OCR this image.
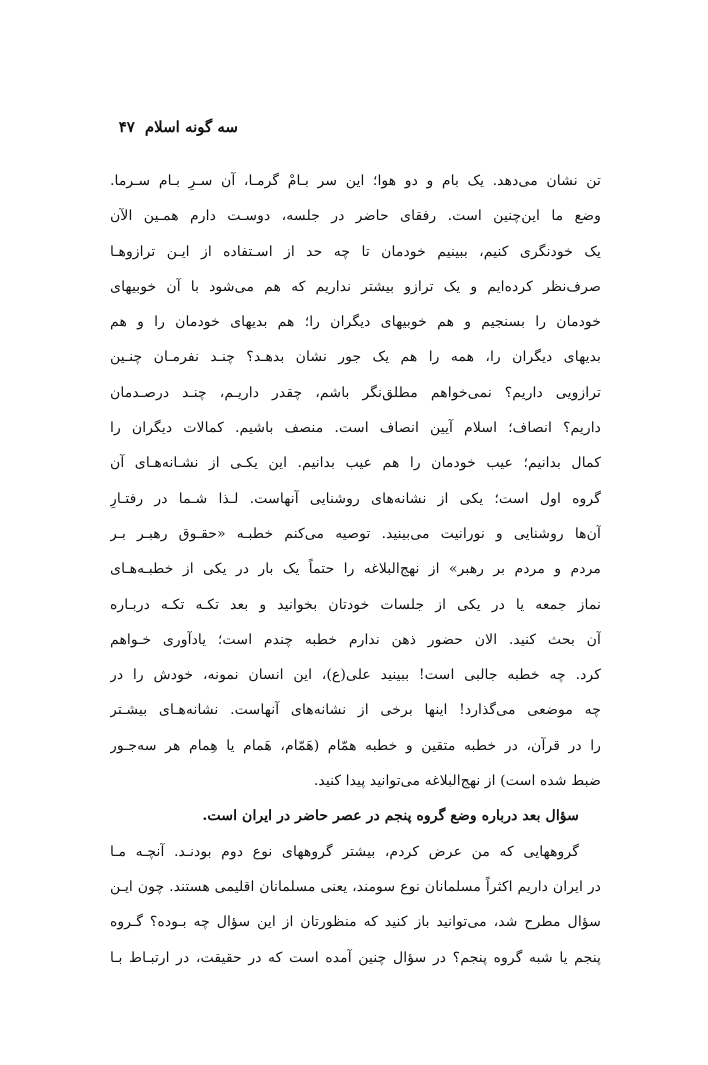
سه گونه اسلام۴۷
تن نشان می‌دهد. یک بام و دو هوا؛ این سر بـامْ گرمـا، آن سـرِ بـام سـرما.
وضع ما این‌چنین است. رفقای حاضر در جلسه، دوسـت دارم همـین الآن
یک خودنگری کنیم، ببینیم خودمان تا چه حد از اسـتفاده از ایـن ترازوهـا
صرف‌نظر کرده‌ایم و یک ترازو بیشتر نداریم که هم می‌شود با آن خوبیهای
خودمان را بسنجیم و هم خوبیهای دیگران را؛ هم بدیهای خودمان را و هم
بدیهای دیگران را، همه را هم یک جور نشان بدهـد؟ چنـد نفرمـان چنـین
ترازویی داریم؟ نمی‌خواهم مطلق‌نگر باشم، چقدر داریـم، چنـد درصـدمان
داریم؟ انصاف؛ اسلام آیین انصاف است. منصف باشیم. کمالات دیگران را
کمال بدانیم؛ عیب خودمان را هم عیب بدانیم. این یکـی از نشـانه‌هـای آن
گروه اول است؛ یکی از نشانه‌های روشنایی آنهاست. لـذا شـما در رفتـارِ
آن‌ها روشنایی و نورانیت می‌بینید. توصیه می‌کنم خطبـه «حقـوق رهبـر بـر
مردم و مردم بر رهبر» از نهج‌البلاغه را حتماً یک بار در یکی از خطبـه‌هـای
نماز جمعه یا در یکی از جلسات خودتان بخوانید و بعد تکـه تکـه دربـاره
آن بحث کنید. الان حضور ذهن ندارم خطبه چندم است؛ یادآوری خـواهم
کرد. چه خطبه جالبی است! ببینید علی(ع)، این انسان نمونه، خودش را در
چه موضعی می‌گذارد! اینها برخی از نشانه‌های آنهاست. نشانه‌هـای بیشـتر
را در قرآن، در خطبه متقین و خطبه همّام (هَمّام، هَمام یا هِمام هر سه‌جـور
ضبط شده است) از نهج‌البلاغه می‌توانید پیدا کنید.
سؤال بعد درباره وضع گروه پنجم در عصر حاضر در ایران است.
گروههایی که من عرض کردم، بیشتر گروههای نوع دوم بودنـد. آنچـه مـا
در ایران داریم اکثراً مسلمانان نوع سومند، یعنی مسلمانان اقلیمی هستند. چون ایـن
سؤال مطرح شد، می‌توانید باز کنید که منظورتان از این سؤال چه بـوده؟ گـروه
پنجم یا شبه گروه پنجم؟ در سؤال چنین آمده است که در حقیقت، در ارتبـاط بـا
